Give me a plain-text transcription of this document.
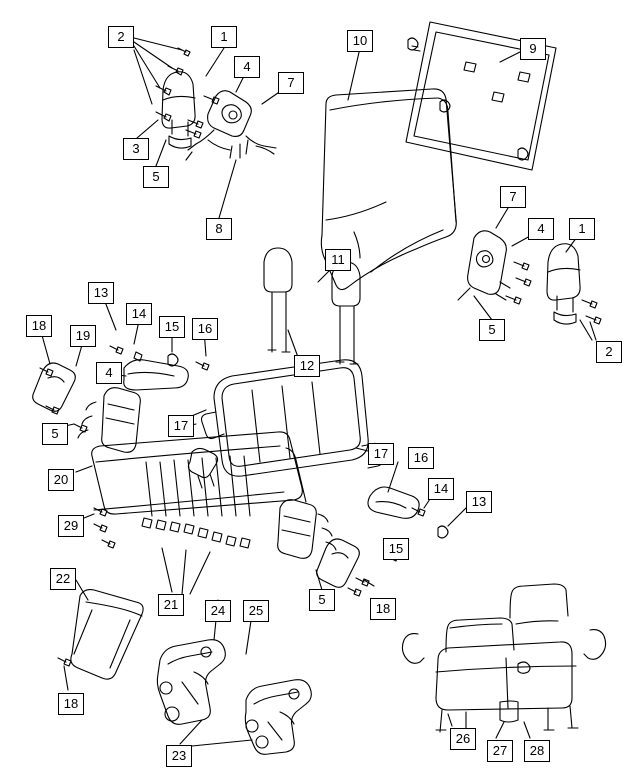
2	1	10
9
4
7
3
5
7
8	4	1
11
2
5
13
14
18
19
15	16
12
4
17
5
17	16
20
14
13
29
15
22
21	24	25
5
18
18
23
26
27	28
